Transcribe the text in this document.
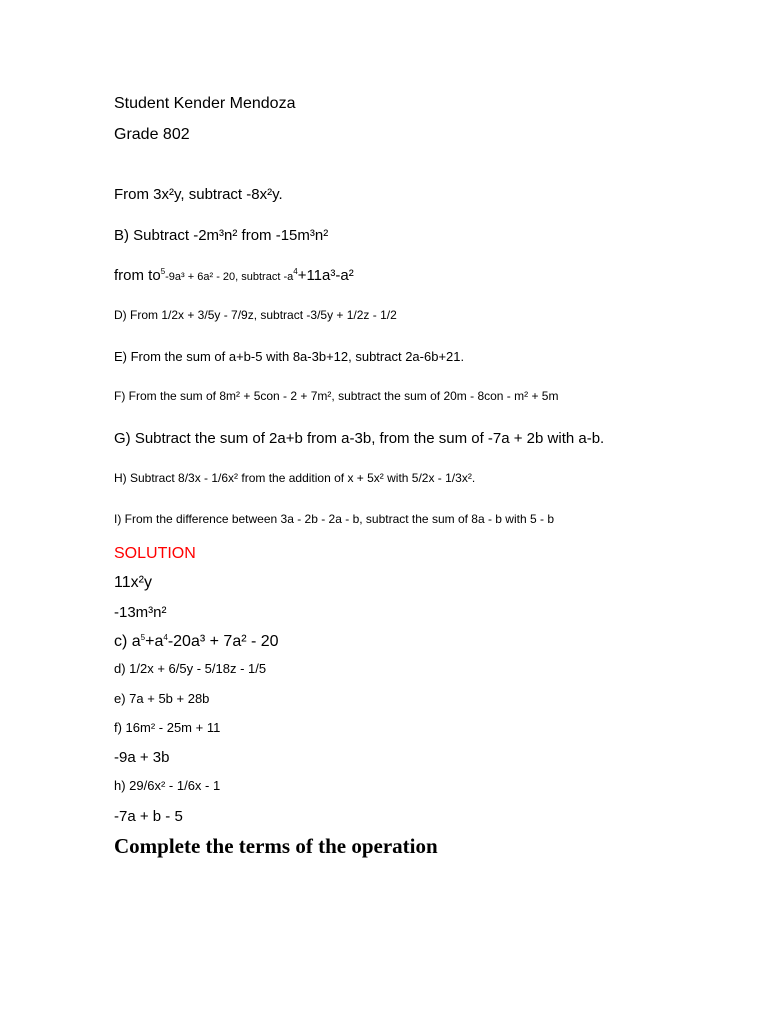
Student Kender Mendoza
Grade 802
From 3x²y, subtract -8x²y.
B) Subtract -2m³n² from -15m³n²
from $to^5-9a^3 + 6a^2 - 20$, subtract $-a^4+11a^3-a^2$
D) From 1/2x + 3/5y - 7/9z, subtract -3/5y + 1/2z - 1/2
E) From the sum of a+b-5 with 8a-3b+12, subtract 2a-6b+21.
F) From the sum of 8m² + 5con - 2 + 7m², subtract the sum of 20m - 8con - m² + 5m
G) Subtract the sum of 2a+b from a-3b, from the sum of -7a + 2b with a-b.
H) Subtract 8/3x - 1/6x² from the addition of x + 5x² with 5/2x - 1/3x².
I) From the difference between 3a - 2b - 2a - b, subtract the sum of 8a - b with 5 - b
SOLUTION
11x²y
-13m³n²
c) $a^5+a^4-20a^3 + 7a^2 - 20$
d) 1/2x + 6/5y - 5/18z - 1/5
e) 7a + 5b + 28b
f) 16m² - 25m + 11
-9a + 3b
h) 29/6x² - 1/6x - 1
-7a + b - 5
Complete the terms of the operation
